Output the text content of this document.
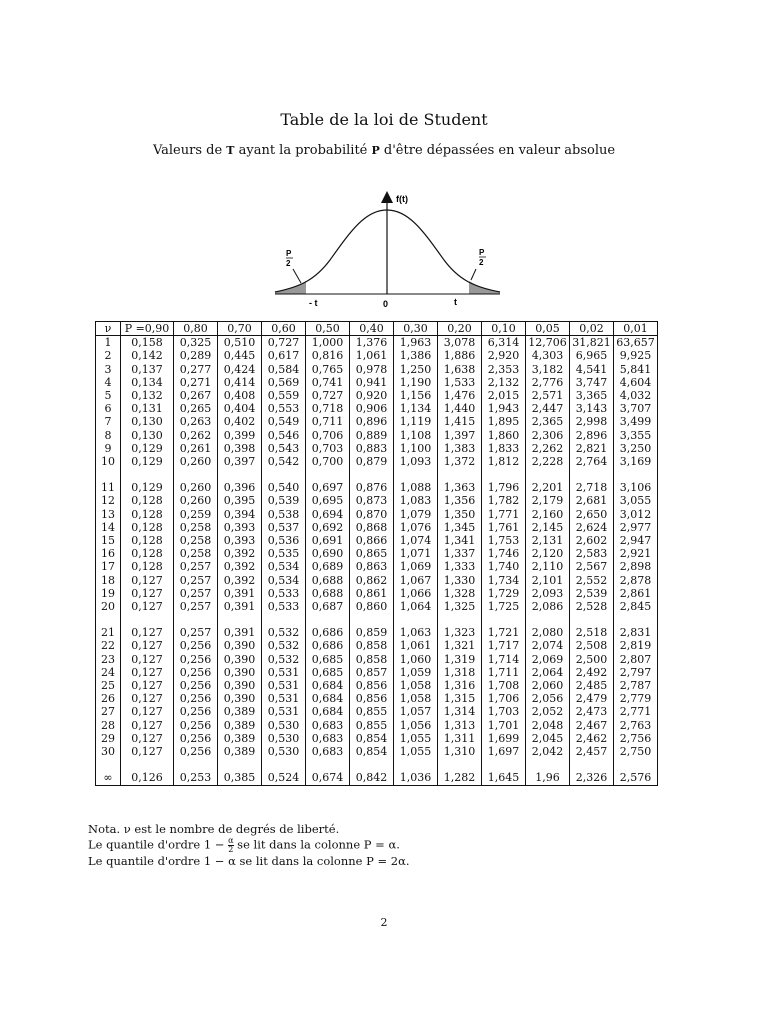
Table de la loi de Student
Valeurs de T ayant la probabilité P d'être dépassées en valeur absolue
f(t)
- t	0	t
P
2
P
2
ν	P =0,90	0,80	0,70	0,60	0,50	0,40	0,30	0,20	0,10	0,05	0,02	0,01
1	0,158	0,325	0,510	0,727	1,000	1,376	1,963	3,078	6,314	12,706	31,821	63,657
2	0,142	0,289	0,445	0,617	0,816	1,061	1,386	1,886	2,920	4,303	6,965	9,925
3	0,137	0,277	0,424	0,584	0,765	0,978	1,250	1,638	2,353	3,182	4,541	5,841
4	0,134	0,271	0,414	0,569	0,741	0,941	1,190	1,533	2,132	2,776	3,747	4,604
5	0,132	0,267	0,408	0,559	0,727	0,920	1,156	1,476	2,015	2,571	3,365	4,032
6	0,131	0,265	0,404	0,553	0,718	0,906	1,134	1,440	1,943	2,447	3,143	3,707
7	0,130	0,263	0,402	0,549	0,711	0,896	1,119	1,415	1,895	2,365	2,998	3,499
8	0,130	0,262	0,399	0,546	0,706	0,889	1,108	1,397	1,860	2,306	2,896	3,355
9	0,129	0,261	0,398	0,543	0,703	0,883	1,100	1,383	1,833	2,262	2,821	3,250
10	0,129	0,260	0,397	0,542	0,700	0,879	1,093	1,372	1,812	2,228	2,764	3,169

11	0,129	0,260	0,396	0,540	0,697	0,876	1,088	1,363	1,796	2,201	2,718	3,106
12	0,128	0,260	0,395	0,539	0,695	0,873	1,083	1,356	1,782	2,179	2,681	3,055
13	0,128	0,259	0,394	0,538	0,694	0,870	1,079	1,350	1,771	2,160	2,650	3,012
14	0,128	0,258	0,393	0,537	0,692	0,868	1,076	1,345	1,761	2,145	2,624	2,977
15	0,128	0,258	0,393	0,536	0,691	0,866	1,074	1,341	1,753	2,131	2,602	2,947
16	0,128	0,258	0,392	0,535	0,690	0,865	1,071	1,337	1,746	2,120	2,583	2,921
17	0,128	0,257	0,392	0,534	0,689	0,863	1,069	1,333	1,740	2,110	2,567	2,898
18	0,127	0,257	0,392	0,534	0,688	0,862	1,067	1,330	1,734	2,101	2,552	2,878
19	0,127	0,257	0,391	0,533	0,688	0,861	1,066	1,328	1,729	2,093	2,539	2,861
20	0,127	0,257	0,391	0,533	0,687	0,860	1,064	1,325	1,725	2,086	2,528	2,845

21	0,127	0,257	0,391	0,532	0,686	0,859	1,063	1,323	1,721	2,080	2,518	2,831
22	0,127	0,256	0,390	0,532	0,686	0,858	1,061	1,321	1,717	2,074	2,508	2,819
23	0,127	0,256	0,390	0,532	0,685	0,858	1,060	1,319	1,714	2,069	2,500	2,807
24	0,127	0,256	0,390	0,531	0,685	0,857	1,059	1,318	1,711	2,064	2,492	2,797
25	0,127	0,256	0,390	0,531	0,684	0,856	1,058	1,316	1,708	2,060	2,485	2,787
26	0,127	0,256	0,390	0,531	0,684	0,856	1,058	1,315	1,706	2,056	2,479	2,779
27	0,127	0,256	0,389	0,531	0,684	0,855	1,057	1,314	1,703	2,052	2,473	2,771
28	0,127	0,256	0,389	0,530	0,683	0,855	1,056	1,313	1,701	2,048	2,467	2,763
29	0,127	0,256	0,389	0,530	0,683	0,854	1,055	1,311	1,699	2,045	2,462	2,756
30	0,127	0,256	0,389	0,530	0,683	0,854	1,055	1,310	1,697	2,042	2,457	2,750

∞	0,126	0,253	0,385	0,524	0,674	0,842	1,036	1,282	1,645	1,96	2,326	2,576
Nota. ν est le nombre de degrés de liberté.
Le quantile d'ordre $1 - \frac{\alpha}{2}$ se lit dans la colonne P = α.
Le quantile d'ordre 1 − α se lit dans la colonne P = 2α.
2
